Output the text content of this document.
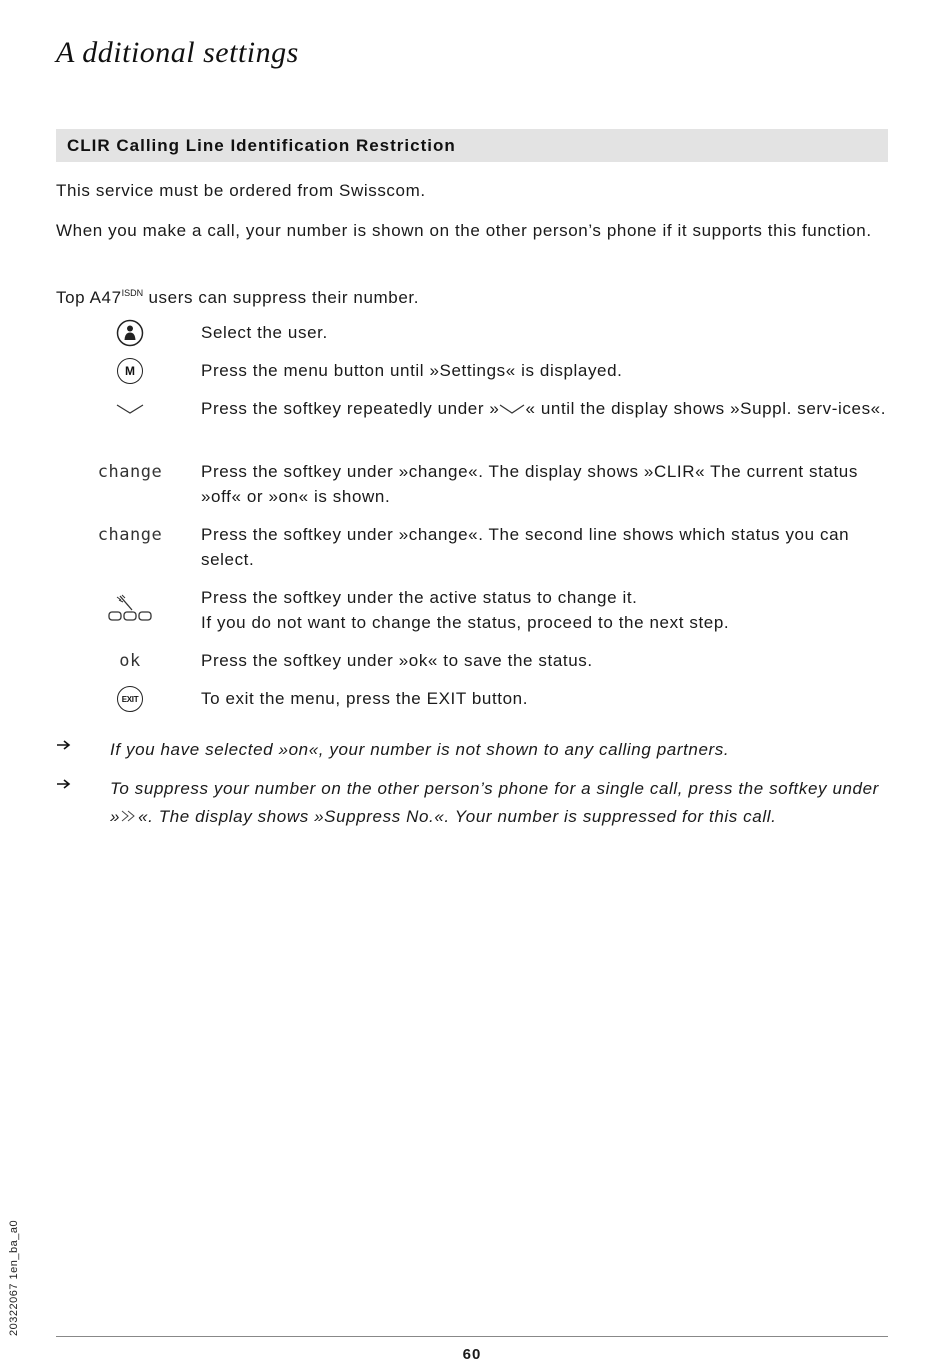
A dditional settings
CLIR Calling Line Identification Restriction
This service must be ordered from Swisscom.
When you make a call, your number is shown on the other person’s phone if it supports this function.
Top $A47^{ISDN}$ users can suppress their number.
Select the user.
M	Press the menu button until »Settings« is displayed.
Press the softkey repeatedly under » « until the display shows »Suppl. serv-ices«.
change Press the softkey under »change«. The display shows »CLIR« The current status »off« or »on« is shown.
change Press the softkey under »change«. The second line shows which status you can select.
Press the softkey under the active status to change it.
If you do not want to change the status, proceed to the next step.
ok	Press the softkey under »ok« to save the status.
EXIT	To exit the menu, press the EXIT button.
If you have selected »on«, your number is not shown to any calling partners.
To suppress your number on the other person’s phone for a single call, press the softkey under » «. The display shows »Suppress No.«. Your number is suppressed for this call.
20322067 1en_ba_a0
60
